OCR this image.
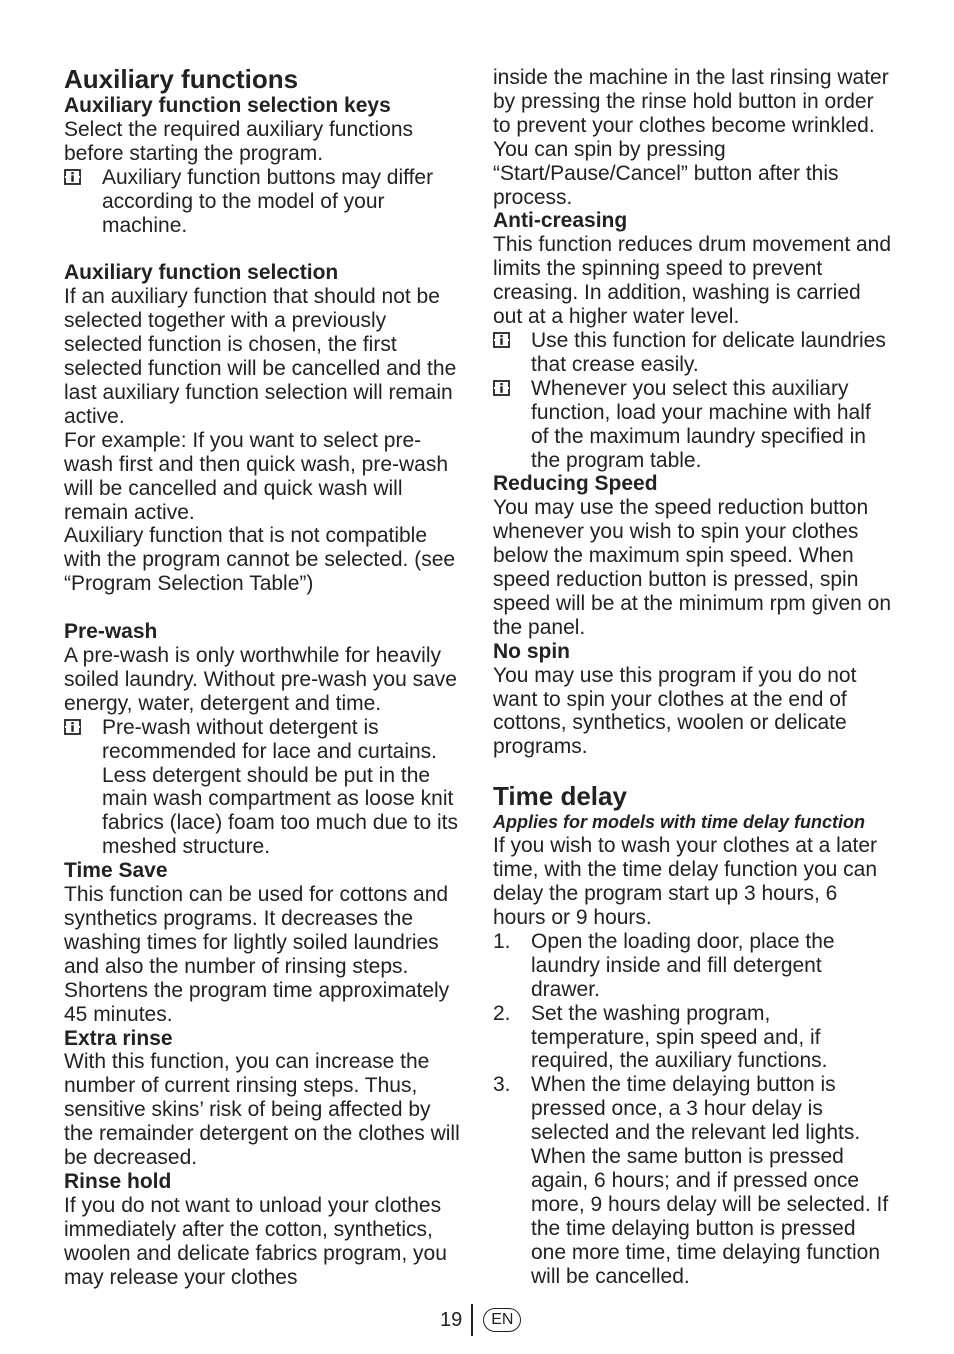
Auxiliary functions

Auxiliary function selection keys

Select the required auxiliary functions before starting the program.

Auxiliary function buttons may differ according to the model of your machine.

Auxiliary function selection

If an auxiliary function that should not be selected together with a previously selected function is chosen, the first selected function will be cancelled and the last auxiliary function selection will remain active.

For example: If you want to select pre-wash first and then quick wash, pre-wash will be cancelled and quick wash will remain active.

Auxiliary function that is not compatible with the program cannot be selected. (see “Program Selection Table”)

Pre-wash

A pre-wash is only worthwhile for heavily soiled laundry. Without pre-wash you save energy, water, detergent and time.

Pre-wash without detergent is recommended for lace and curtains. Less detergent should be put in the main wash compartment as loose knit fabrics (lace) foam too much due to its meshed structure.

Time Save

This function can be used for cottons and synthetics programs. It decreases the washing times for lightly soiled laundries and also the number of rinsing steps. Shortens the program time approximately 45 minutes.

Extra rinse

With this function, you can increase the number of current rinsing steps. Thus, sensitive skins’ risk of being affected by the remainder detergent on the clothes will be decreased.

Rinse hold

If you do not want to unload your clothes immediately after the cotton, synthetics, woolen and delicate fabrics program, you may release your clothes

inside the machine in the last rinsing water by pressing the rinse hold button in order to prevent your clothes become wrinkled. You can spin by pressing “Start/Pause/Cancel” button after this process.

Anti-creasing

This function reduces drum movement and limits the spinning speed to prevent creasing. In addition, washing is carried out at a higher water level.

Use this function for delicate laundries that crease easily.
Whenever you select this auxiliary function, load your machine with half of the maximum laundry specified in the program table.

Reducing Speed

You may use the speed reduction button whenever you wish to spin your clothes below the maximum spin speed. When speed reduction button is pressed, spin speed will be at the minimum rpm given on the panel.

No spin

You may use this program if you do not want to spin your clothes at the end of cottons, synthetics, woolen or delicate programs.

Time delay

Applies for models with time delay function

If you wish to wash your clothes at a later time, with the time delay function you can delay the program start up 3 hours, 6 hours or 9 hours.

1. Open the loading door, place the laundry inside and fill detergent drawer.
2. Set the washing program, temperature, spin speed and, if required, the auxiliary functions.
3. When the time delaying button is pressed once, a 3 hour delay is selected and the relevant led lights. When the same button is pressed again, 6 hours; and if pressed once more, 9 hours delay will be selected. If the time delaying button is pressed one more time, time delaying function will be cancelled.
19	EN
